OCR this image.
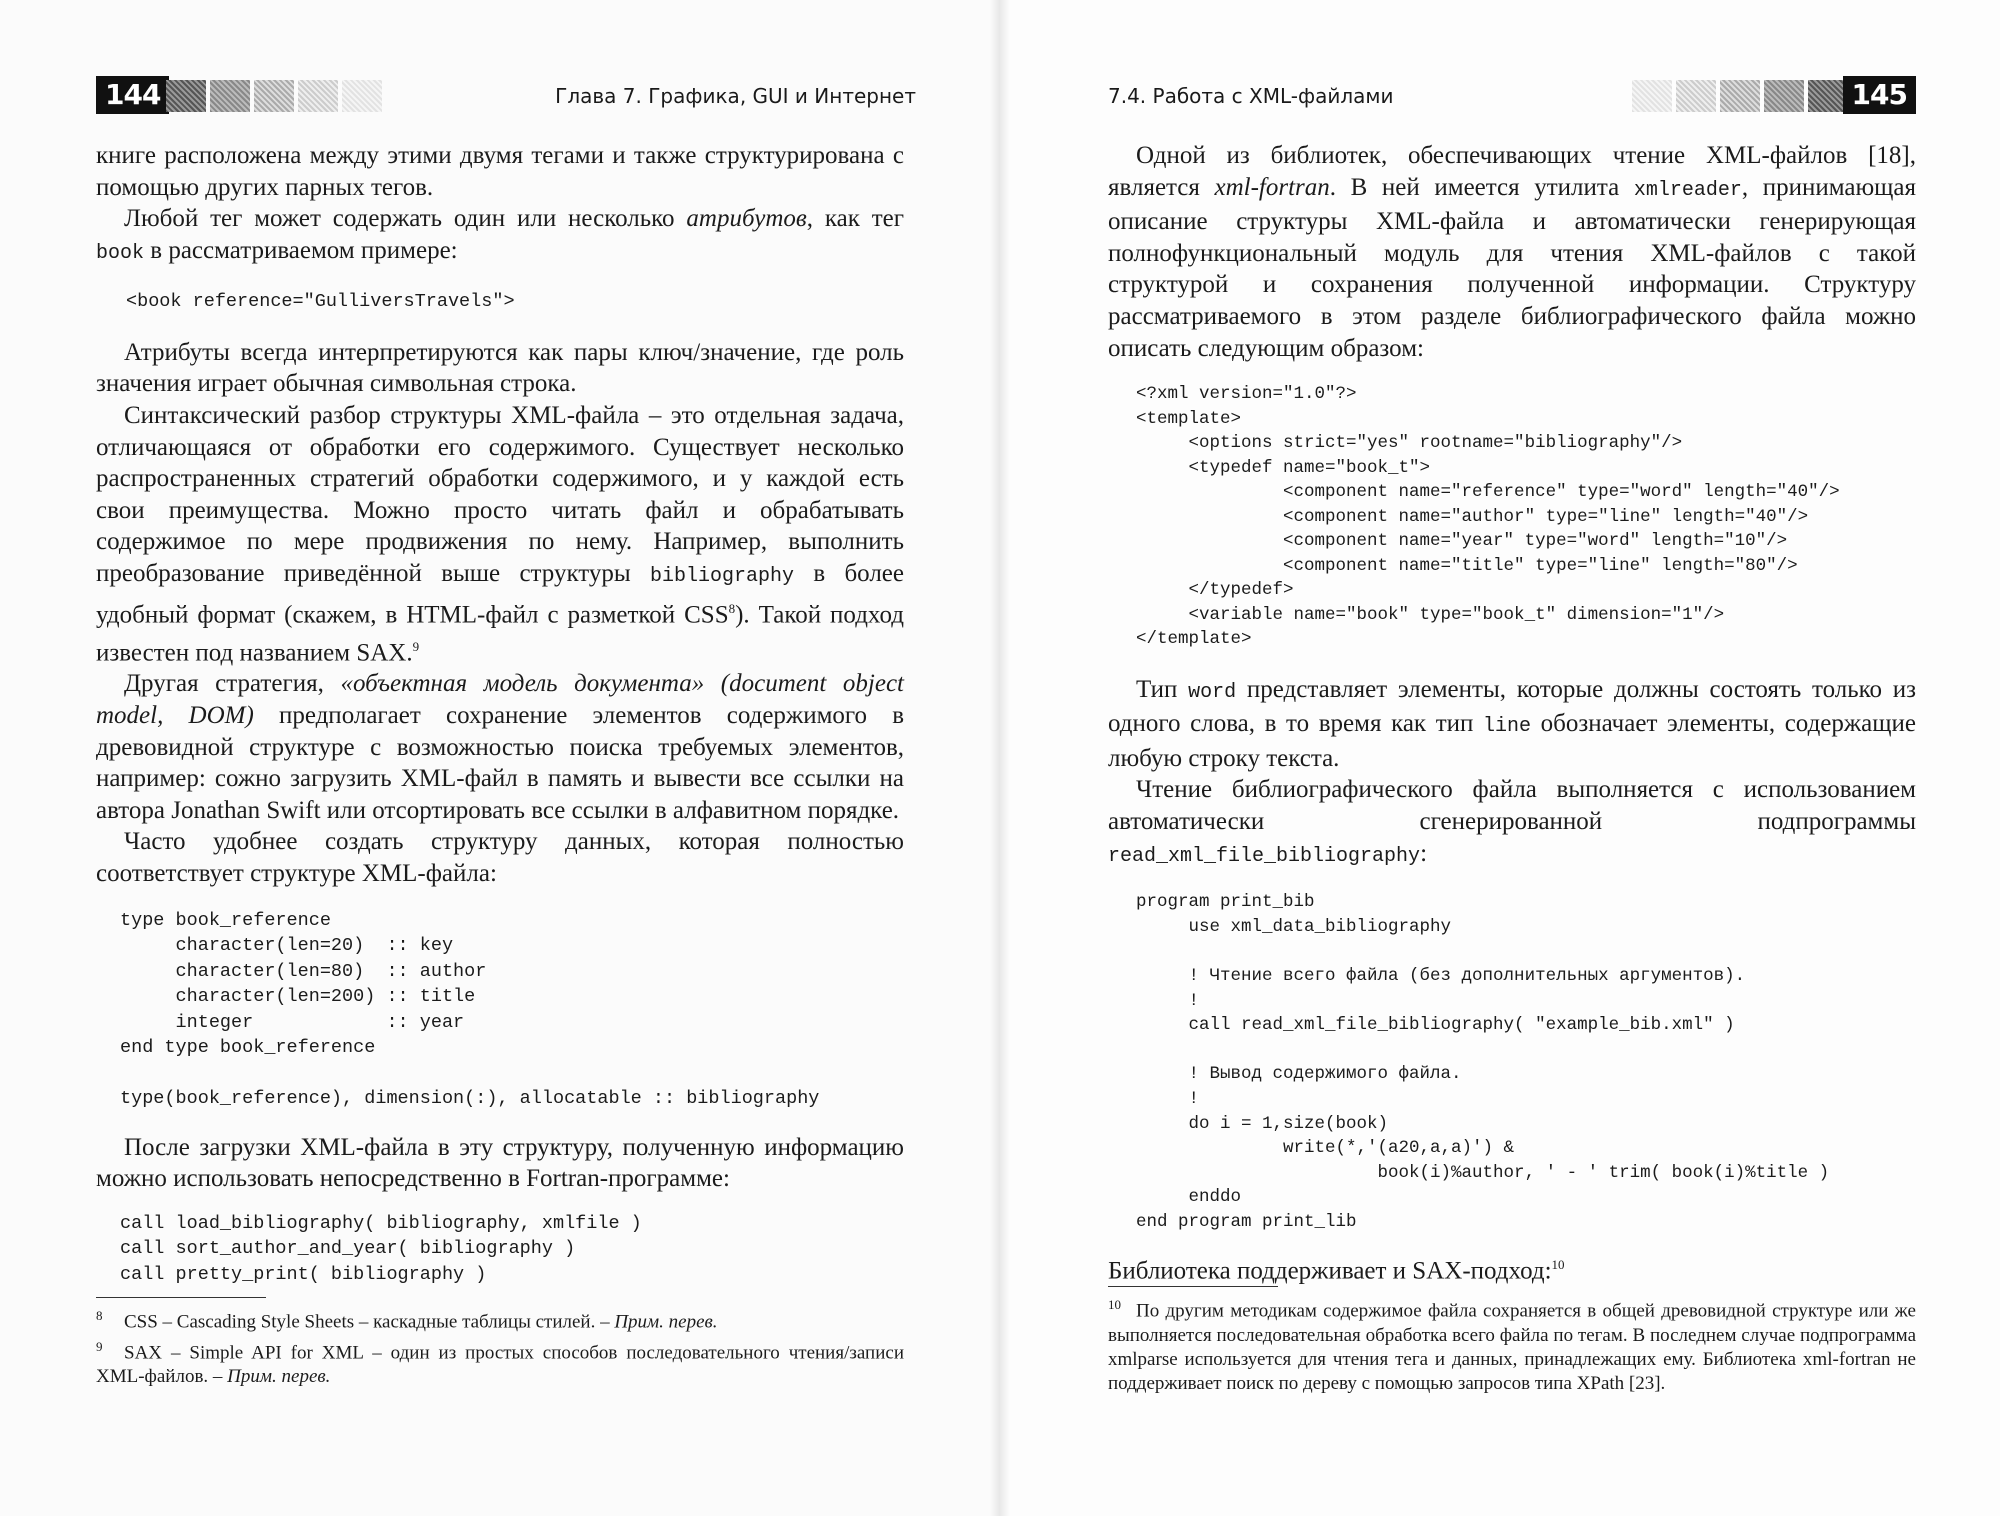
144	Глава 7. Графика, GUI и Интернет

книге расположена между этими двумя тегами и также структурирована с помощью других парных тегов.

Любой тег может содержать один или несколько атрибутов, как тег book в рассматриваемом примере:

<book reference="GulliversTravels">

Атрибуты всегда интерпретируются как пары ключ/значение, где роль значения играет обычная символьная строка.

Синтаксический разбор структуры XML-файла – это отдельная задача, отличающаяся от обработки его содержимого. Существует несколько распространенных стратегий обработки содержимого, и у каждой есть свои преимущества. Можно просто читать файл и обрабатывать содержимое по мере продвижения по нему. Например, выполнить преобразование приведённой выше структуры bibliography в более удобный формат (скажем, в HTML-файл с разметкой CSS$^8$). Такой подход известен под названием SAX.$^9$

Другая стратегия, «объектная модель документа» (document object model, DOM) предполагает сохранение элементов содержимого в древовидной структуре с возможностью поиска требуемых элементов, например: сожно загрузить XML-файл в память и вывести все ссылки на автора Jonathan Swift или отсортировать все ссылки в алфавитном порядке.

Часто удобнее создать структуру данных, которая полностью соответствует структуре XML-файла:

type book_reference
character(len=20)  :: key
character(len=80)  :: author
character(len=200) :: title
integer            :: year
end type book_reference

type(book_reference), dimension(:), allocatable :: bibliography

После загрузки XML-файла в эту структуру, полученную информацию можно использовать непосредственно в Fortran-программе:

call load_bibliography( bibliography, xmlfile )
call sort_author_and_year( bibliography )
call pretty_print( bibliography )

8 CSS – Cascading Style Sheets – каскадные таблицы стилей. – Прим. перев.

9 SAX – Simple API for XML – один из простых способов последовательного чтения/записи XML-файлов. – Прим. перев.

7.4. Работа с XML-файлами	145

Одной из библиотек, обеспечивающих чтение XML-файлов [18], является xml-fortran. В ней имеется утилита xmlreader, принимающая описание структуры XML-файла и автоматически генерирующая полнофункциональный модуль для чтения XML-файлов с такой структурой и сохранения полученной информации. Структуру рассматриваемого в этом разделе библиографического файла можно описать следующим образом:

<?xml version="1.0"?>
<template>
<options strict="yes" rootname="bibliography"/>
<typedef name="book_t">
<component name="reference" type="word" length="40"/>
<component name="author" type="line" length="40"/>
<component name="year" type="word" length="10"/>
<component name="title" type="line" length="80"/>
</typedef>
<variable name="book" type="book_t" dimension="1"/>
</template>

Тип word представляет элементы, которые должны состоять только из одного слова, в то время как тип line обозначает элементы, содержащие любую строку текста.

Чтение библиографического файла выполняется с использованием автоматически сгенерированной подпрограммы read_xml_file_bibliography:

program print_bib
use xml_data_bibliography

! Чтение всего файла (без дополнительных аргументов).
!
call read_xml_file_bibliography( "example_bib.xml" )

! Вывод содержимого файла.
!
do i = 1,size(book)
write(*,'(a20,a,a)') &
book(i)%author, ' - ' trim( book(i)%title )
enddo
end program print_lib

Библиотека поддерживает и SAX-подход:$^{10}$

10 По другим методикам содержимое файла сохраняется в общей древовидной структуре или же выполняется последовательная обработка всего файла по тегам. В последнем случае подпрограмма xmlparse используется для чтения тега и данных, принадлежащих ему. Библиотека xml-fortran не поддерживает поиск по дереву с помощью запросов типа XPath [23].
